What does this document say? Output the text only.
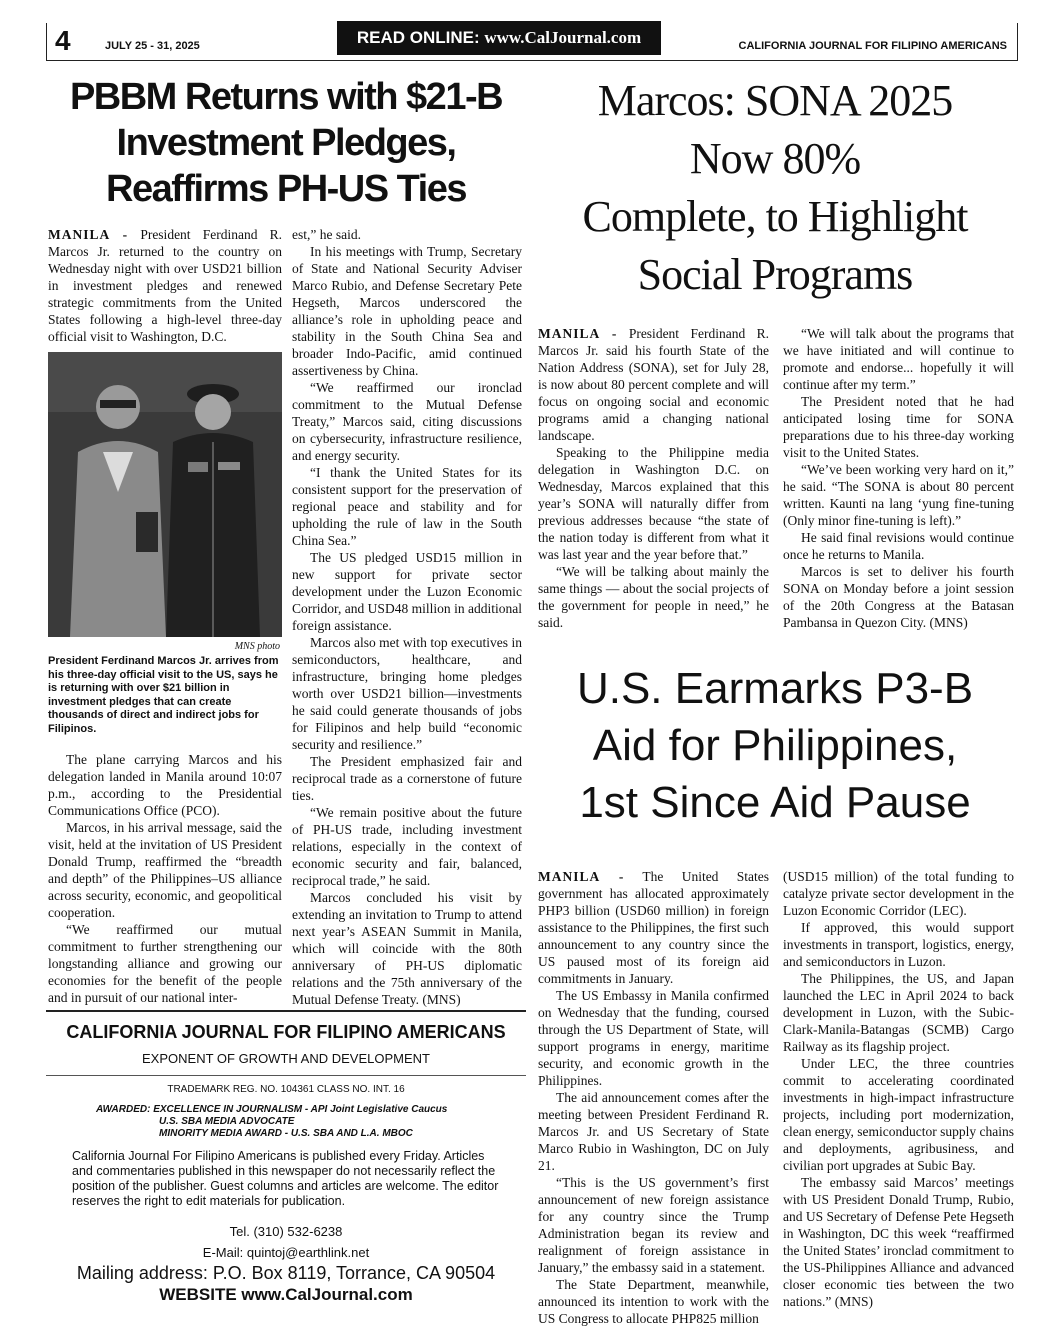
4	JULY 25 - 31, 2025	READ ONLINE: www.CalJournal.com	CALIFORNIA JOURNAL FOR FILIPINO AMERICANS
PBBM Returns with $21-B
Investment Pledges,
Reaffirms PH-US Ties

MANILA - President Ferdinand R. Marcos Jr. returned to the country on Wednesday night with over USD21 billion in investment pledges and renewed strategic commitments from the United States following a high-level three-day official visit to Washington, D.C.

MNS photo
President Ferdinand Marcos Jr. arrives from his three-day official visit to the US, says he is returning with over $21 billion in investment pledges that can create thousands of direct and indirect jobs for Filipinos.

The plane carrying Marcos and his delegation landed in Manila around 10:07 p.m., according to the Presidential Communications Office (PCO).

Marcos, in his arrival message, said the visit, held at the invitation of US President Donald Trump, reaffirmed the “breadth and depth” of the Philippines–US alliance across security, economic, and geopolitical cooperation.

“We reaffirmed our mutual commitment to further strengthening our longstanding alliance and growing our economies for the benefit of the people and in pursuit of our national inter-

est,” he said.

In his meetings with Trump, Secretary of State and National Security Adviser Marco Rubio, and Defense Secretary Pete Hegseth, Marcos underscored the alliance’s role in upholding peace and stability in the South China Sea and broader Indo-Pacific, amid continued assertiveness by China.

“We reaffirmed our ironclad commitment to the Mutual Defense Treaty,” Marcos said, citing discussions on cybersecurity, infrastructure resilience, and energy security.

“I thank the United States for its consistent support for the preservation of regional peace and stability and for upholding the rule of law in the South China Sea.”

The US pledged USD15 million in new support for private sector development under the Luzon Economic Corridor, and USD48 million in additional foreign assistance.

Marcos also met with top executives in semiconductors, healthcare, and infrastructure, bringing home pledges worth over USD21 billion—investments he said could generate thousands of jobs for Filipinos and help build “economic security and resilience.”

The President emphasized fair and reciprocal trade as a cornerstone of future ties.

“We remain positive about the future of PH-US trade, including investment relations, especially in the context of economic security and fair, balanced, reciprocal trade,” he said.

Marcos concluded his visit by extending an invitation to Trump to attend next year’s ASEAN Summit in Manila, which will coincide with the 80th anniversary of PH-US diplomatic relations and the 75th anniversary of the Mutual Defense Treaty. (MNS)

Marcos: SONA 2025
Now 80%
Complete, to Highlight
Social Programs

MANILA - President Ferdinand R. Marcos Jr. said his fourth State of the Nation Address (SONA), set for July 28, is now about 80 percent complete and will focus on ongoing social and economic programs amid a changing national landscape.

Speaking to the Philippine media delegation in Washington D.C. on Wednesday, Marcos explained that this year’s SONA will naturally differ from previous addresses because “the state of the nation today is different from what it was last year and the year before that.”

“We will be talking about mainly the same things — about the social projects of the government for people in need,” he said.

“We will talk about the programs that we have initiated and will continue to promote and endorse... hopefully it will continue after my term.”

The President noted that he had anticipated losing time for SONA preparations due to his three-day working visit to the United States.

“We’ve been working very hard on it,” he said. “The SONA is about 80 percent written. Kaunti na lang ‘yung fine-tuning (Only minor fine-tuning is left).”

He said final revisions would continue once he returns to Manila.

Marcos is set to deliver his fourth SONA on Monday before a joint session of the 20th Congress at the Batasan Pambansa in Quezon City. (MNS)

U.S. Earmarks P3-B
Aid for Philippines,
1st Since Aid Pause

MANILA - The United States government has allocated approximately PHP3 billion (USD60 million) in foreign assistance to the Philippines, the first such announcement to any country since the US paused most of its foreign aid commitments in January.

The US Embassy in Manila confirmed on Wednesday that the funding, coursed through the US Department of State, will support programs in energy, maritime security, and economic growth in the Philippines.

The aid announcement comes after the meeting between President Ferdinand R. Marcos Jr. and US Secretary of State Marco Rubio in Washington, DC on July 21.

“This is the US government’s first announcement of new foreign assistance for any country since the Trump Administration began its review and realignment of foreign assistance in January,” the embassy said in a statement.

The State Department, meanwhile, announced its intention to work with the US Congress to allocate PHP825 million

(USD15 million) of the total funding to catalyze private sector development in the Luzon Economic Corridor (LEC).

If approved, this would support investments in transport, logistics, energy, and semiconductors in Luzon.

The Philippines, the US, and Japan launched the LEC in April 2024 to back development in Luzon, with the Subic-Clark-Manila-Batangas (SCMB) Cargo Railway as its flagship project.

Under LEC, the three countries commit to accelerating coordinated investments in high-impact infrastructure projects, including port modernization, clean energy, semiconductor supply chains and deployments, agribusiness, and civilian port upgrades at Subic Bay.

The embassy said Marcos’ meetings with US President Donald Trump, Rubio, and US Secretary of Defense Pete Hegseth in Washington, DC this week “reaffirmed the United States’ ironclad commitment to the US-Philippines Alliance and advanced closer economic ties between the two nations.” (MNS)

CALIFORNIA JOURNAL FOR FILIPINO AMERICANS
EXPONENT OF GROWTH AND DEVELOPMENT
TRADEMARK REG. NO. 104361 CLASS NO. INT. 16
AWARDED: EXCELLENCE IN JOURNALISM - API Joint Legislative Caucus
U.S. SBA MEDIA ADVOCATE
MINORITY MEDIA AWARD - U.S. SBA AND L.A. MBOC
California Journal For Filipino Americans is published every Friday. Articles and commentaries published in this newspaper do not necessarily reflect the position of the publisher. Guest columns and articles are welcome. The editor reserves the right to edit materials for publication.
Tel. (310) 532-6238
E-Mail: quintoj@earthlink.net
Mailing address: P.O. Box 8119, Torrance, CA 90504
WEBSITE www.CalJournal.com
